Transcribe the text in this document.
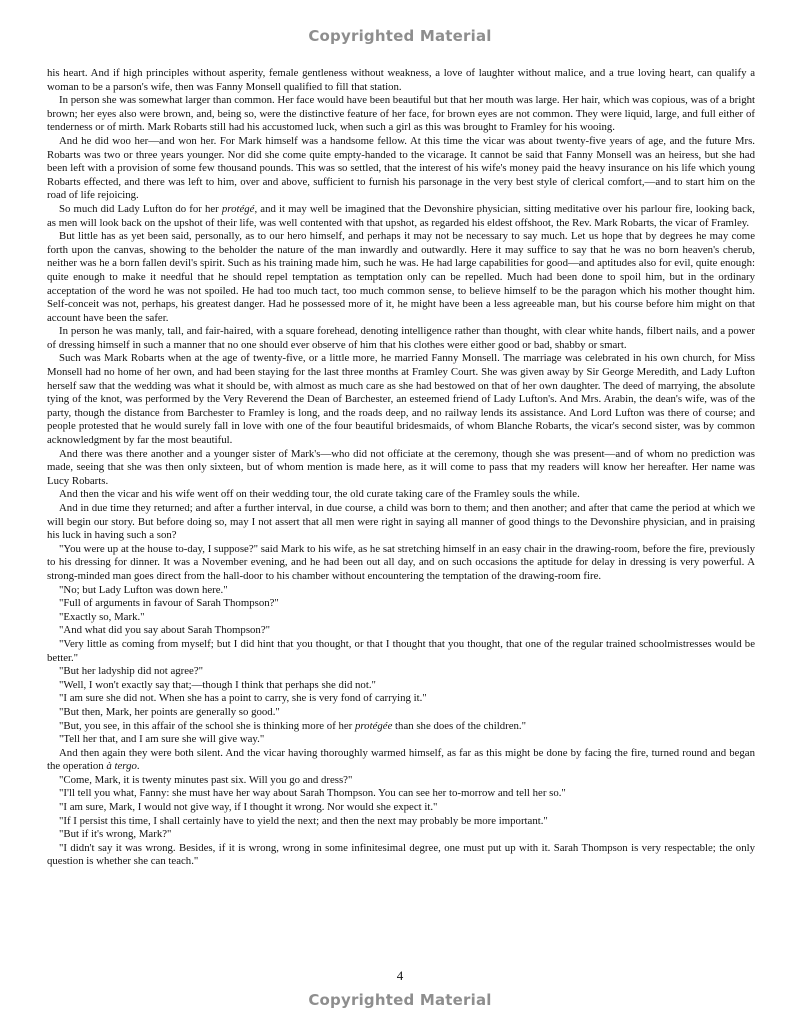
Copyrighted Material

his heart. And if high principles without asperity, female gentleness without weakness, a love of laughter without malice, and a true loving heart, can qualify a woman to be a parson's wife, then was Fanny Monsell qualified to fill that station.

In person she was somewhat larger than common. Her face would have been beautiful but that her mouth was large. Her hair, which was copious, was of a bright brown; her eyes also were brown, and, being so, were the distinctive feature of her face, for brown eyes are not common. They were liquid, large, and full either of tenderness or of mirth. Mark Robarts still had his accustomed luck, when such a girl as this was brought to Framley for his wooing.

And he did woo her—and won her. For Mark himself was a handsome fellow. At this time the vicar was about twenty-five years of age, and the future Mrs. Robarts was two or three years younger. Nor did she come quite empty-handed to the vicarage. It cannot be said that Fanny Monsell was an heiress, but she had been left with a provision of some few thousand pounds. This was so settled, that the interest of his wife's money paid the heavy insurance on his life which young Robarts effected, and there was left to him, over and above, sufficient to furnish his parsonage in the very best style of clerical comfort,—and to start him on the road of life rejoicing.

So much did Lady Lufton do for her protégé, and it may well be imagined that the Devonshire physician, sitting meditative over his parlour fire, looking back, as men will look back on the upshot of their life, was well contented with that upshot, as regarded his eldest offshoot, the Rev. Mark Robarts, the vicar of Framley.

But little has as yet been said, personally, as to our hero himself, and perhaps it may not be necessary to say much. Let us hope that by degrees he may come forth upon the canvas, showing to the beholder the nature of the man inwardly and outwardly. Here it may suffice to say that he was no born heaven's cherub, neither was he a born fallen devil's spirit. Such as his training made him, such he was. He had large capabilities for good—and aptitudes also for evil, quite enough: quite enough to make it needful that he should repel temptation as temptation only can be repelled. Much had been done to spoil him, but in the ordinary acceptation of the word he was not spoiled. He had too much tact, too much common sense, to believe himself to be the paragon which his mother thought him. Self-conceit was not, perhaps, his greatest danger. Had he possessed more of it, he might have been a less agreeable man, but his course before him might on that account have been the safer.

In person he was manly, tall, and fair-haired, with a square forehead, denoting intelligence rather than thought, with clear white hands, filbert nails, and a power of dressing himself in such a manner that no one should ever observe of him that his clothes were either good or bad, shabby or smart.

Such was Mark Robarts when at the age of twenty-five, or a little more, he married Fanny Monsell. The marriage was celebrated in his own church, for Miss Monsell had no home of her own, and had been staying for the last three months at Framley Court. She was given away by Sir George Meredith, and Lady Lufton herself saw that the wedding was what it should be, with almost as much care as she had bestowed on that of her own daughter. The deed of marrying, the absolute tying of the knot, was performed by the Very Reverend the Dean of Barchester, an esteemed friend of Lady Lufton's. And Mrs. Arabin, the dean's wife, was of the party, though the distance from Barchester to Framley is long, and the roads deep, and no railway lends its assistance. And Lord Lufton was there of course; and people protested that he would surely fall in love with one of the four beautiful bridesmaids, of whom Blanche Robarts, the vicar's second sister, was by common acknowledgment by far the most beautiful.

And there was there another and a younger sister of Mark's—who did not officiate at the ceremony, though she was present—and of whom no prediction was made, seeing that she was then only sixteen, but of whom mention is made here, as it will come to pass that my readers will know her hereafter. Her name was Lucy Robarts.

And then the vicar and his wife went off on their wedding tour, the old curate taking care of the Framley souls the while.

And in due time they returned; and after a further interval, in due course, a child was born to them; and then another; and after that came the period at which we will begin our story. But before doing so, may I not assert that all men were right in saying all manner of good things to the Devonshire physician, and in praising his luck in having such a son?

"You were up at the house to-day, I suppose?" said Mark to his wife, as he sat stretching himself in an easy chair in the drawing-room, before the fire, previously to his dressing for dinner. It was a November evening, and he had been out all day, and on such occasions the aptitude for delay in dressing is very powerful. A strong-minded man goes direct from the hall-door to his chamber without encountering the temptation of the drawing-room fire.

"No; but Lady Lufton was down here."

"Full of arguments in favour of Sarah Thompson?"

"Exactly so, Mark."

"And what did you say about Sarah Thompson?"

"Very little as coming from myself; but I did hint that you thought, or that I thought that you thought, that one of the regular trained schoolmistresses would be better."

"But her ladyship did not agree?"

"Well, I won't exactly say that;—though I think that perhaps she did not."

"I am sure she did not. When she has a point to carry, she is very fond of carrying it."

"But then, Mark, her points are generally so good."

"But, you see, in this affair of the school she is thinking more of her protégée than she does of the children."

"Tell her that, and I am sure she will give way."

And then again they were both silent. And the vicar having thoroughly warmed himself, as far as this might be done by facing the fire, turned round and began the operation à tergo.

"Come, Mark, it is twenty minutes past six. Will you go and dress?"

"I'll tell you what, Fanny: she must have her way about Sarah Thompson. You can see her to-morrow and tell her so."

"I am sure, Mark, I would not give way, if I thought it wrong. Nor would she expect it."

"If I persist this time, I shall certainly have to yield the next; and then the next may probably be more important."

"But if it's wrong, Mark?"

"I didn't say it was wrong. Besides, if it is wrong, wrong in some infinitesimal degree, one must put up with it. Sarah Thompson is very respectable; the only question is whether she can teach."

4
Copyrighted Material
